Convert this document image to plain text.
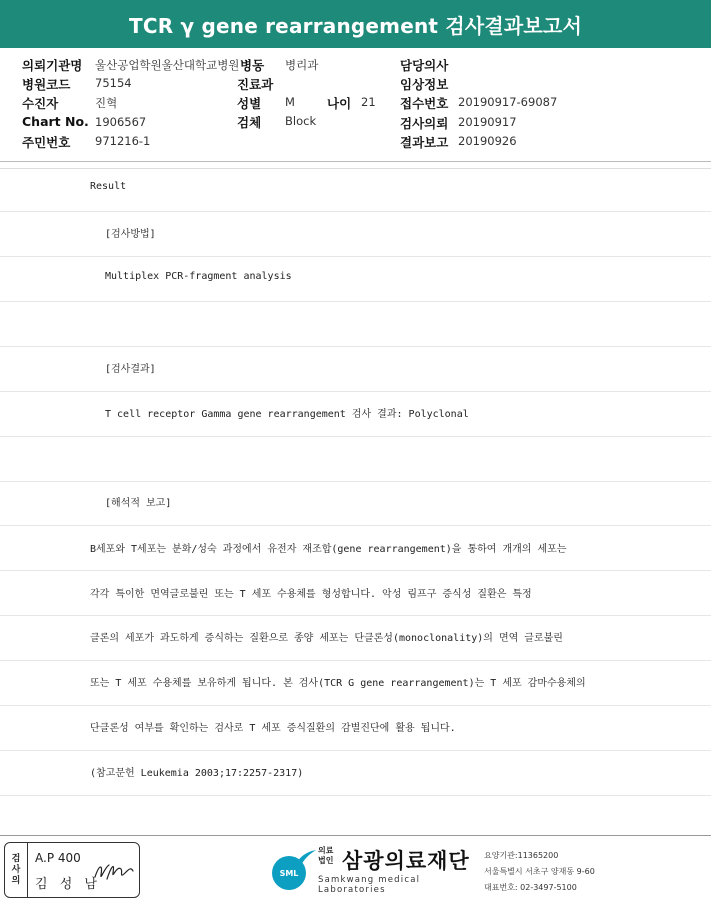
TCR γ gene rearrangement 검사결과보고서
의뢰기관명 울산공업학원울산대학교병원 병동 병리과	담당의사
병원코드 75154	진료과	임상정보
수진자	진혁	성별 M	나이 21 접수번호 20190917-69087
Chart No. 1906567	검체 Block	검사의뢰 20190917
주민번호 971216-1	결과보고 20190926
Result
[검사방법]
Multiplex PCR-fragment analysis
[검사결과]
T cell receptor Gamma gene rearrangement 검사 결과: Polyclonal
[해석적 보고]
B세포와 T세포는 분화/성숙 과정에서 유전자 재조합(gene rearrangement)을 통하여 개개의 세포는
각각 특이한 면역글로불린 또는 T 세포 수용체를 형성합니다. 악성 림프구 증식성 질환은 특정
클론의 세포가 과도하게 증식하는 질환으로 종양 세포는 단클론성(monoclonality)의 면역 글로불린
또는 T 세포 수용체를 보유하게 됩니다. 본 검사(TCR G gene rearrangement)는 T 세포 감마수용체의
단클론성 여부를 확인하는 검사로 T 세포 증식질환의 감별진단에 활용 됩니다.
(참고문헌 Leukemia 2003;17:2257-2317)
검
사
의
A.P 400
김 성 남
SML
의료
법인 삼광의료재단
Samkwang medical Laboratories
요양기관:11365200
서울특별시 서초구 양재동 9-60
대표번호: 02-3497-5100
